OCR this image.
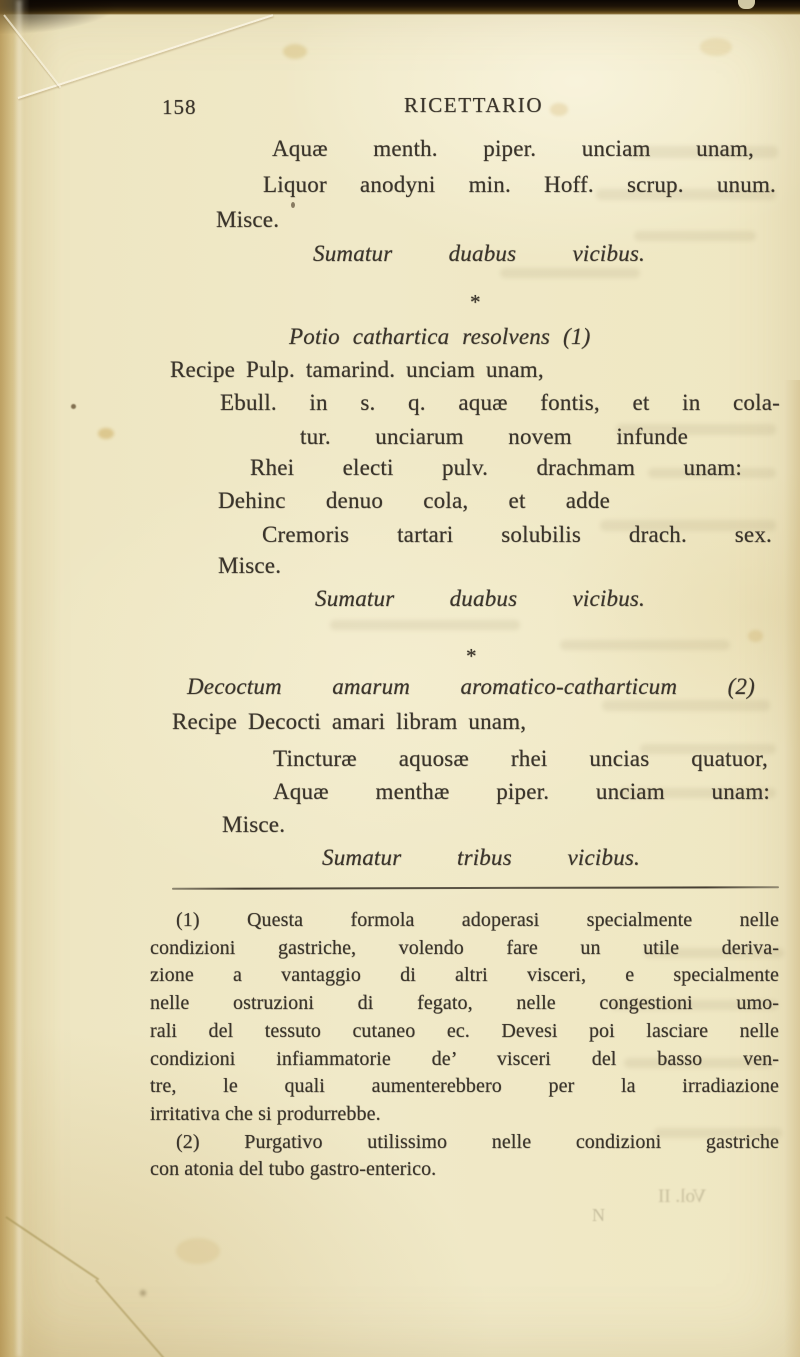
158	RICETTARIO
Aquæ menth. piper. unciam unam,
Liquor anodyni min. Hoff. scrup. unum.
Misce.
Sumatur duabus vicibus.
*
Potio cathartica resolvens (1)
Recipe Pulp. tamarind. unciam unam,
Ebull. in s. q. aquæ fontis, et in cola-
tur. unciarum novem infunde
Rhei electi pulv. drachmam unam:
Dehinc denuo cola, et adde
Cremoris tartari solubilis drach. sex.
Misce.
Sumatur duabus vicibus.
*
Decoctum amarum aromatico-catharticum (2)
Recipe Decocti amari libram unam,
Tincturæ aquosæ rhei uncias quatuor,
Aquæ menthæ piper. unciam unam:
Misce.
Sumatur tribus vicibus.
(1) Questa formola adoperasi specialmente nelle
condizioni gastriche, volendo fare un utile deriva-
zione a vantaggio di altri visceri, e specialmente
nelle ostruzioni di fegato, nelle congestioni umo-
rali del tessuto cutaneo ec. Devesi poi lasciare nelle
condizioni infiammatorie de’ visceri del basso ven-
tre, le quali aumenterebbero per la irradiazione
irritativa che si produrrebbe.
(2) Purgativo utilissimo nelle condizioni gastriche
con atonia del tubo gastro-enterico.
Vol. II
N
